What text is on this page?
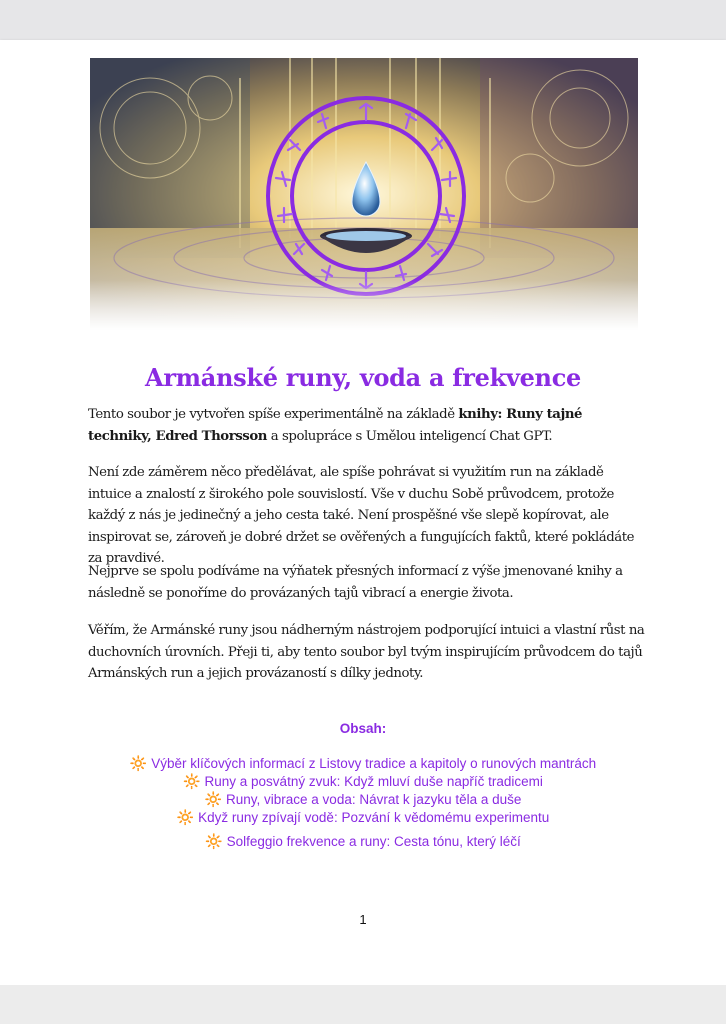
Armánské runy, voda a frekvence

Tento soubor je vytvořen spíše experimentálně na základě knihy: Runy tajné techniky, Edred Thorsson a spolupráce s Umělou inteligencí Chat GPT.

Není zde záměrem něco předělávat, ale spíše pohrávat si využitím run na základě intuice a znalostí z širokého pole souvislostí. Vše v duchu Sobě průvodcem, protože každý z nás je jedinečný a jeho cesta také. Není prospěšné vše slepě kopírovat, ale inspirovat se, zároveň je dobré držet se ověřených a fungujících faktů, které pokládáte za pravdivé.

Nejprve se spolu podíváme na výňatek přesných informací z výše jmenované knihy a následně se ponoříme do provázaných tajů vibrací a energie života.

Věřím, že Armánské runy jsou nádherným nástrojem podporující intuici a vlastní růst na duchovních úrovních. Přeji ti, aby tento soubor byl tvým inspirujícím průvodcem do tajů Armánských run a jejich provázaností s dílky jednoty.

Obsah:
🔆 Výběr klíčových informací z Listovy tradice a kapitoly o runových mantrách
🔆 Runy a posvátný zvuk: Když mluví duše napříč tradicemi
🔆 Runy, vibrace a voda: Návrat k jazyku těla a duše
🔆 Když runy zpívají vodě: Pozvání k vědomému experimentu
🔆 Solfeggio frekvence a runy: Cesta tónu, který léčí

1
